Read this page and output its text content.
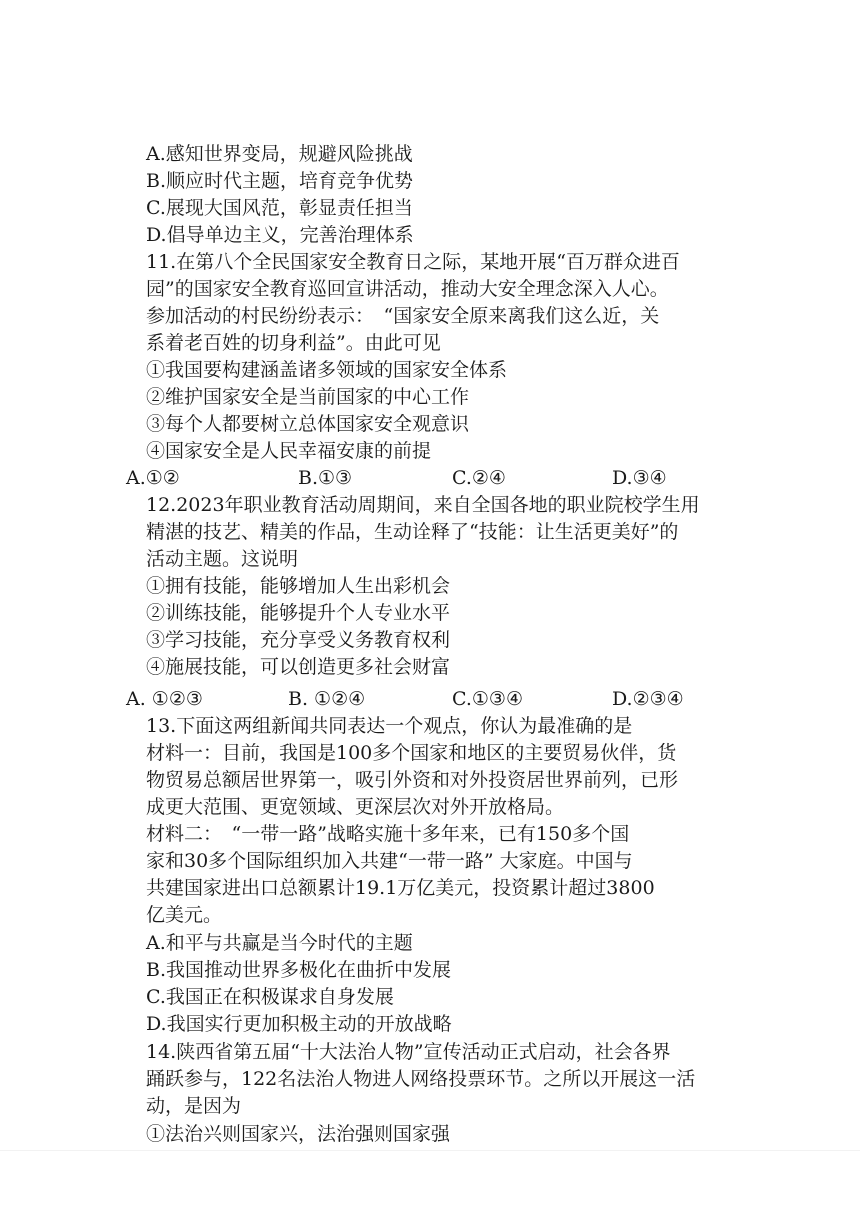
A.感知世界变局，规避风险挑战
B.顺应时代主题，培育竞争优势
C.展现大国风范，彰显责任担当
D.倡导单边主义，完善治理体系
11.在第八个全民国家安全教育日之际，某地开展“百万群众进百
园”的国家安全教育巡回宣讲活动，推动大安全理念深入人心。
参加活动的村民纷纷表示：　“国家安全原来离我们这么近，关
系着老百姓的切身利益”。由此可见
①我国要构建涵盖诸多领域的国家安全体系
②维护国家安全是当前国家的中心工作
③每个人都要树立总体国家安全观意识
④国家安全是人民幸福安康的前提
A.①②	B.①③	C.②④	D.③④
12.2023年职业教育活动周期间，来自全国各地的职业院校学生用
精湛的技艺、精美的作品，生动诠释了“技能：让生活更美好”的
活动主题。这说明
①拥有技能，能够增加人生出彩机会
②训练技能，能够提升个人专业水平
③学习技能，充分享受义务教育权利
④施展技能，可以创造更多社会财富
A. ①②③	B. ①②④	C.①③④	D.②③④
13.下面这两组新闻共同表达一个观点，你认为最准确的是
材料一：目前，我国是100多个国家和地区的主要贸易伙伴，货
物贸易总额居世界第一，吸引外资和对外投资居世界前列，已形
成更大范围、更宽领域、更深层次对外开放格局。
材料二：　“一带一路”战略实施十多年来，已有150多个国
家和30多个国际组织加入共建“一带一路” 大家庭。中国与
共建国家进出口总额累计19.1万亿美元，投资累计超过3800
亿美元。
A.和平与共赢是当今时代的主题
B.我国推动世界多极化在曲折中发展
C.我国正在积极谋求自身发展
D.我国实行更加积极主动的开放战略
14.陕西省第五届“十大法治人物”宣传活动正式启动，社会各界
踊跃参与，122名法治人物进人网络投票环节。之所以开展这一活
动，是因为
①法治兴则国家兴，法治强则国家强
